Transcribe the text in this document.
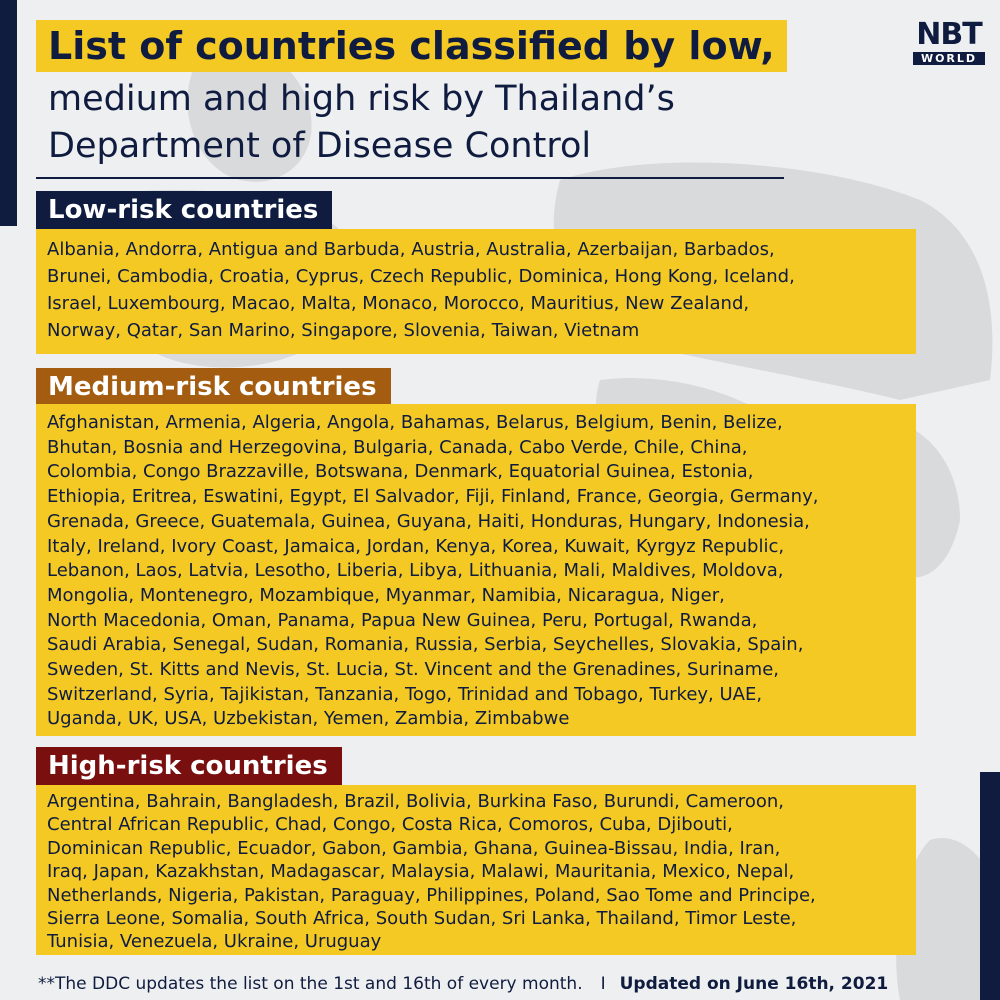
NBT
WORLD
List of countries classified by low,
medium and high risk by Thailand’s
Department of Disease Control
Low-risk countries
Albania, Andorra, Antigua and Barbuda, Austria, Australia, Azerbaijan, Barbados,
Brunei, Cambodia, Croatia, Cyprus, Czech Republic, Dominica, Hong Kong, Iceland,
Israel, Luxembourg, Macao, Malta, Monaco, Morocco, Mauritius, New Zealand,
Norway, Qatar, San Marino, Singapore, Slovenia, Taiwan, Vietnam
Medium-risk countries
Afghanistan, Armenia, Algeria, Angola, Bahamas, Belarus, Belgium, Benin, Belize,
Bhutan, Bosnia and Herzegovina, Bulgaria, Canada, Cabo Verde, Chile, China,
Colombia, Congo Brazzaville, Botswana, Denmark, Equatorial Guinea, Estonia,
Ethiopia, Eritrea, Eswatini, Egypt, El Salvador, Fiji, Finland, France, Georgia, Germany,
Grenada, Greece, Guatemala, Guinea, Guyana, Haiti, Honduras, Hungary, Indonesia,
Italy, Ireland, Ivory Coast, Jamaica, Jordan, Kenya, Korea, Kuwait, Kyrgyz Republic,
Lebanon, Laos, Latvia, Lesotho, Liberia, Libya, Lithuania, Mali, Maldives, Moldova,
Mongolia, Montenegro, Mozambique, Myanmar, Namibia, Nicaragua, Niger,
North Macedonia, Oman, Panama, Papua New Guinea, Peru, Portugal, Rwanda,
Saudi Arabia, Senegal, Sudan, Romania, Russia, Serbia, Seychelles, Slovakia, Spain,
Sweden, St. Kitts and Nevis, St. Lucia, St. Vincent and the Grenadines, Suriname,
Switzerland, Syria, Tajikistan, Tanzania, Togo, Trinidad and Tobago, Turkey, UAE,
Uganda, UK, USA, Uzbekistan, Yemen, Zambia, Zimbabwe
High-risk countries
Argentina, Bahrain, Bangladesh, Brazil, Bolivia, Burkina Faso, Burundi, Cameroon,
Central African Republic, Chad, Congo, Costa Rica, Comoros, Cuba, Djibouti,
Dominican Republic, Ecuador, Gabon, Gambia, Ghana, Guinea-Bissau, India, Iran,
Iraq, Japan, Kazakhstan, Madagascar, Malaysia, Malawi, Mauritania, Mexico, Nepal,
Netherlands, Nigeria, Pakistan, Paraguay, Philippines, Poland, Sao Tome and Principe,
Sierra Leone, Somalia, South Africa, South Sudan, Sri Lanka, Thailand, Timor Leste,
Tunisia, Venezuela, Ukraine, Uruguay
**The DDC updates the list on the 1st and 16th of every month. I Updated on June 16th, 2021
